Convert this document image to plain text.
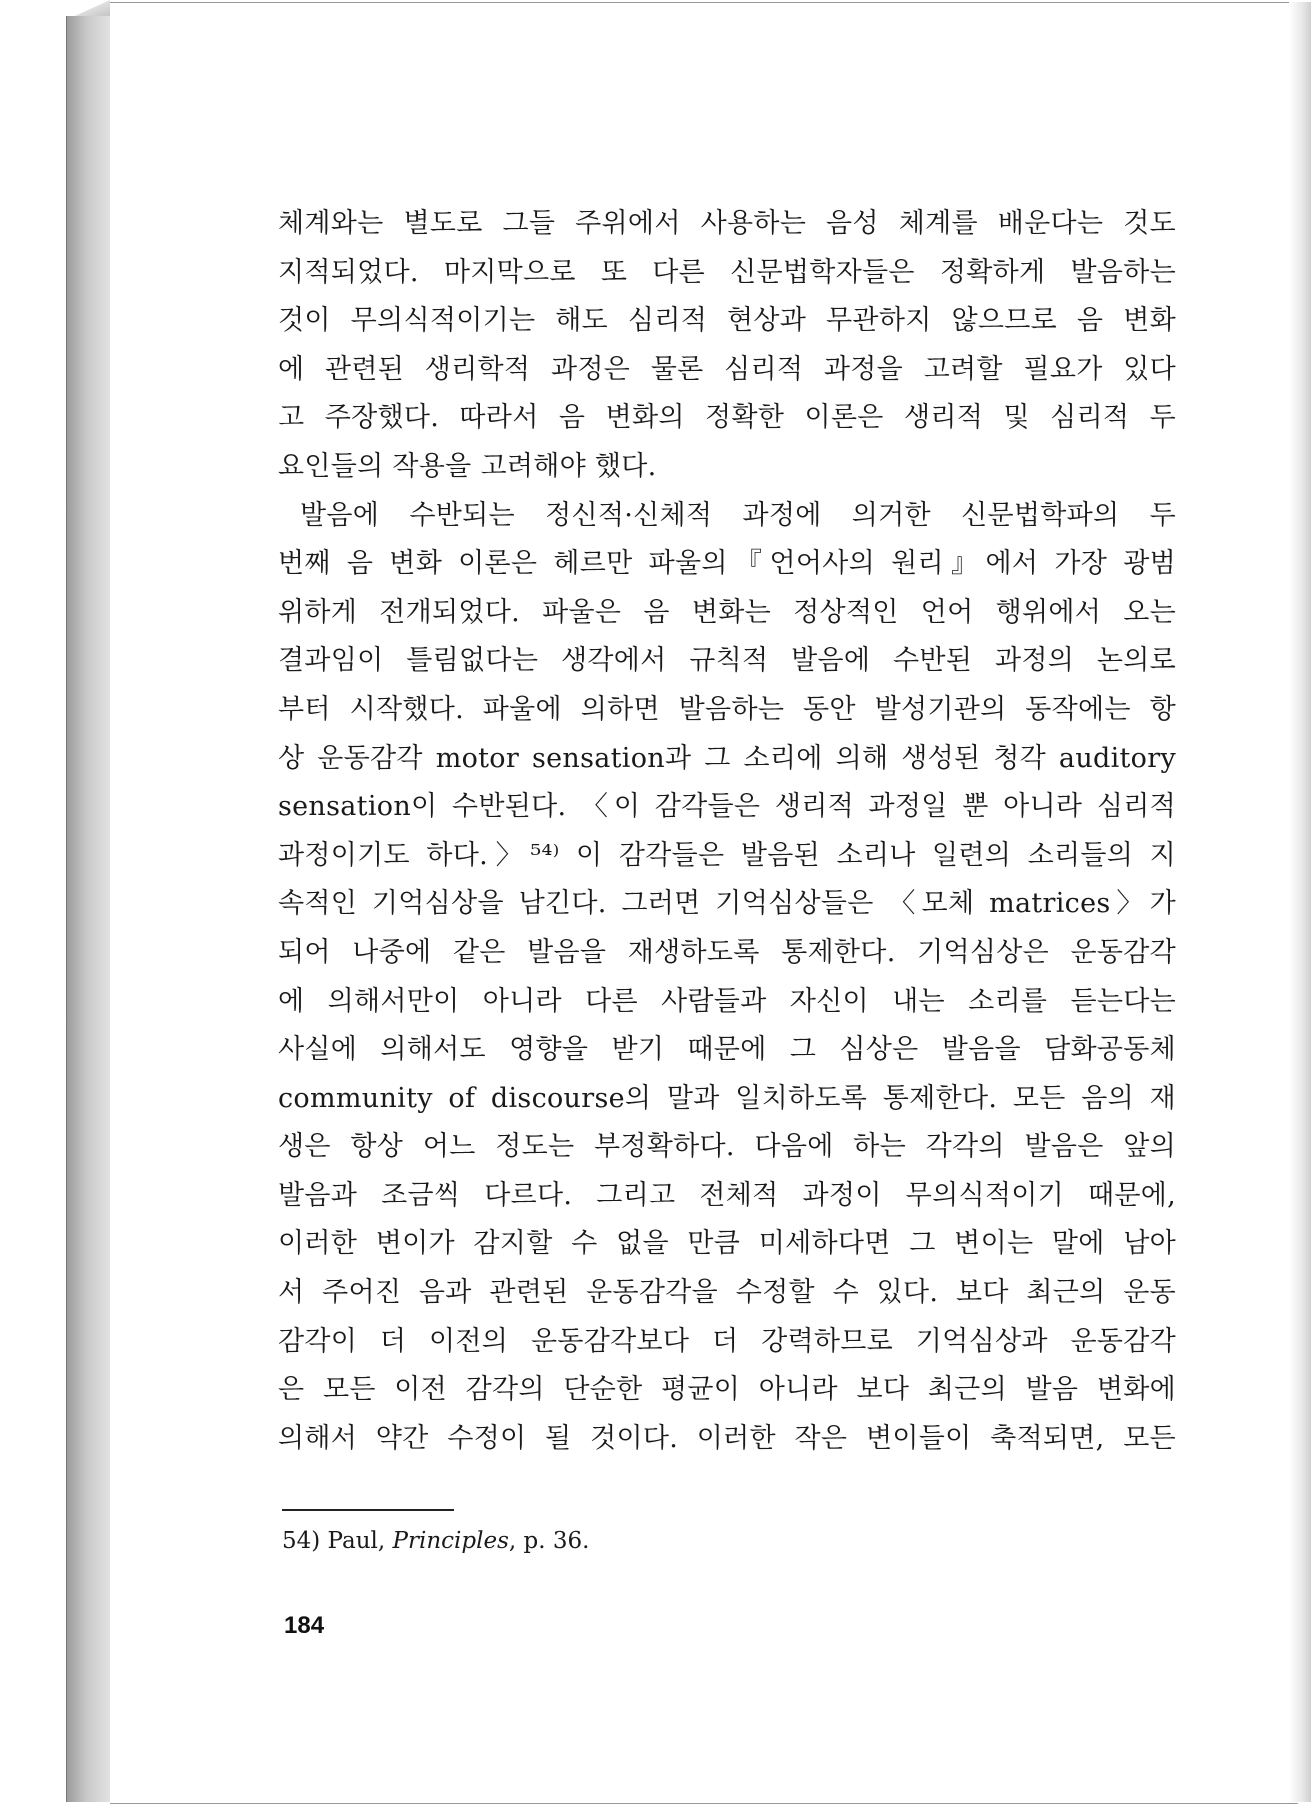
체계와는 별도로 그들 주위에서 사용하는 음성 체계를 배운다는 것도
지적되었다. 마지막으로 또 다른 신문법학자들은 정확하게 발음하는
것이 무의식적이기는 해도 심리적 현상과 무관하지 않으므로 음 변화
에 관련된 생리학적 과정은 물론 심리적 과정을 고려할 필요가 있다
고 주장했다. 따라서 음 변화의 정확한 이론은 생리적 및 심리적 두
요인들의 작용을 고려해야 했다.
발음에 수반되는 정신적·신체적 과정에 의거한 신문법학파의 두
번째 음 변화 이론은 헤르만 파울의『언어사의 원리』에서 가장 광범
위하게 전개되었다. 파울은 음 변화는 정상적인 언어 행위에서 오는
결과임이 틀림없다는 생각에서 규칙적 발음에 수반된 과정의 논의로
부터 시작했다. 파울에 의하면 발음하는 동안 발성기관의 동작에는 항
상 운동감각 motor sensation과 그 소리에 의해 생성된 청각 auditory
sensation이 수반된다. 〈이 감각들은 생리적 과정일 뿐 아니라 심리적
과정이기도 하다.〉⁵⁴⁾ 이 감각들은 발음된 소리나 일련의 소리들의 지
속적인 기억심상을 남긴다. 그러면 기억심상들은 〈모체 matrices〉가
되어 나중에 같은 발음을 재생하도록 통제한다. 기억심상은 운동감각
에 의해서만이 아니라 다른 사람들과 자신이 내는 소리를 듣는다는
사실에 의해서도 영향을 받기 때문에 그 심상은 발음을 담화공동체
community of discourse의 말과 일치하도록 통제한다. 모든 음의 재
생은 항상 어느 정도는 부정확하다. 다음에 하는 각각의 발음은 앞의
발음과 조금씩 다르다. 그리고 전체적 과정이 무의식적이기 때문에,
이러한 변이가 감지할 수 없을 만큼 미세하다면 그 변이는 말에 남아
서 주어진 음과 관련된 운동감각을 수정할 수 있다. 보다 최근의 운동
감각이 더 이전의 운동감각보다 더 강력하므로 기억심상과 운동감각
은 모든 이전 감각의 단순한 평균이 아니라 보다 최근의 발음 변화에
의해서 약간 수정이 될 것이다. 이러한 작은 변이들이 축적되면, 모든
54) Paul, Principles, p. 36.
184
